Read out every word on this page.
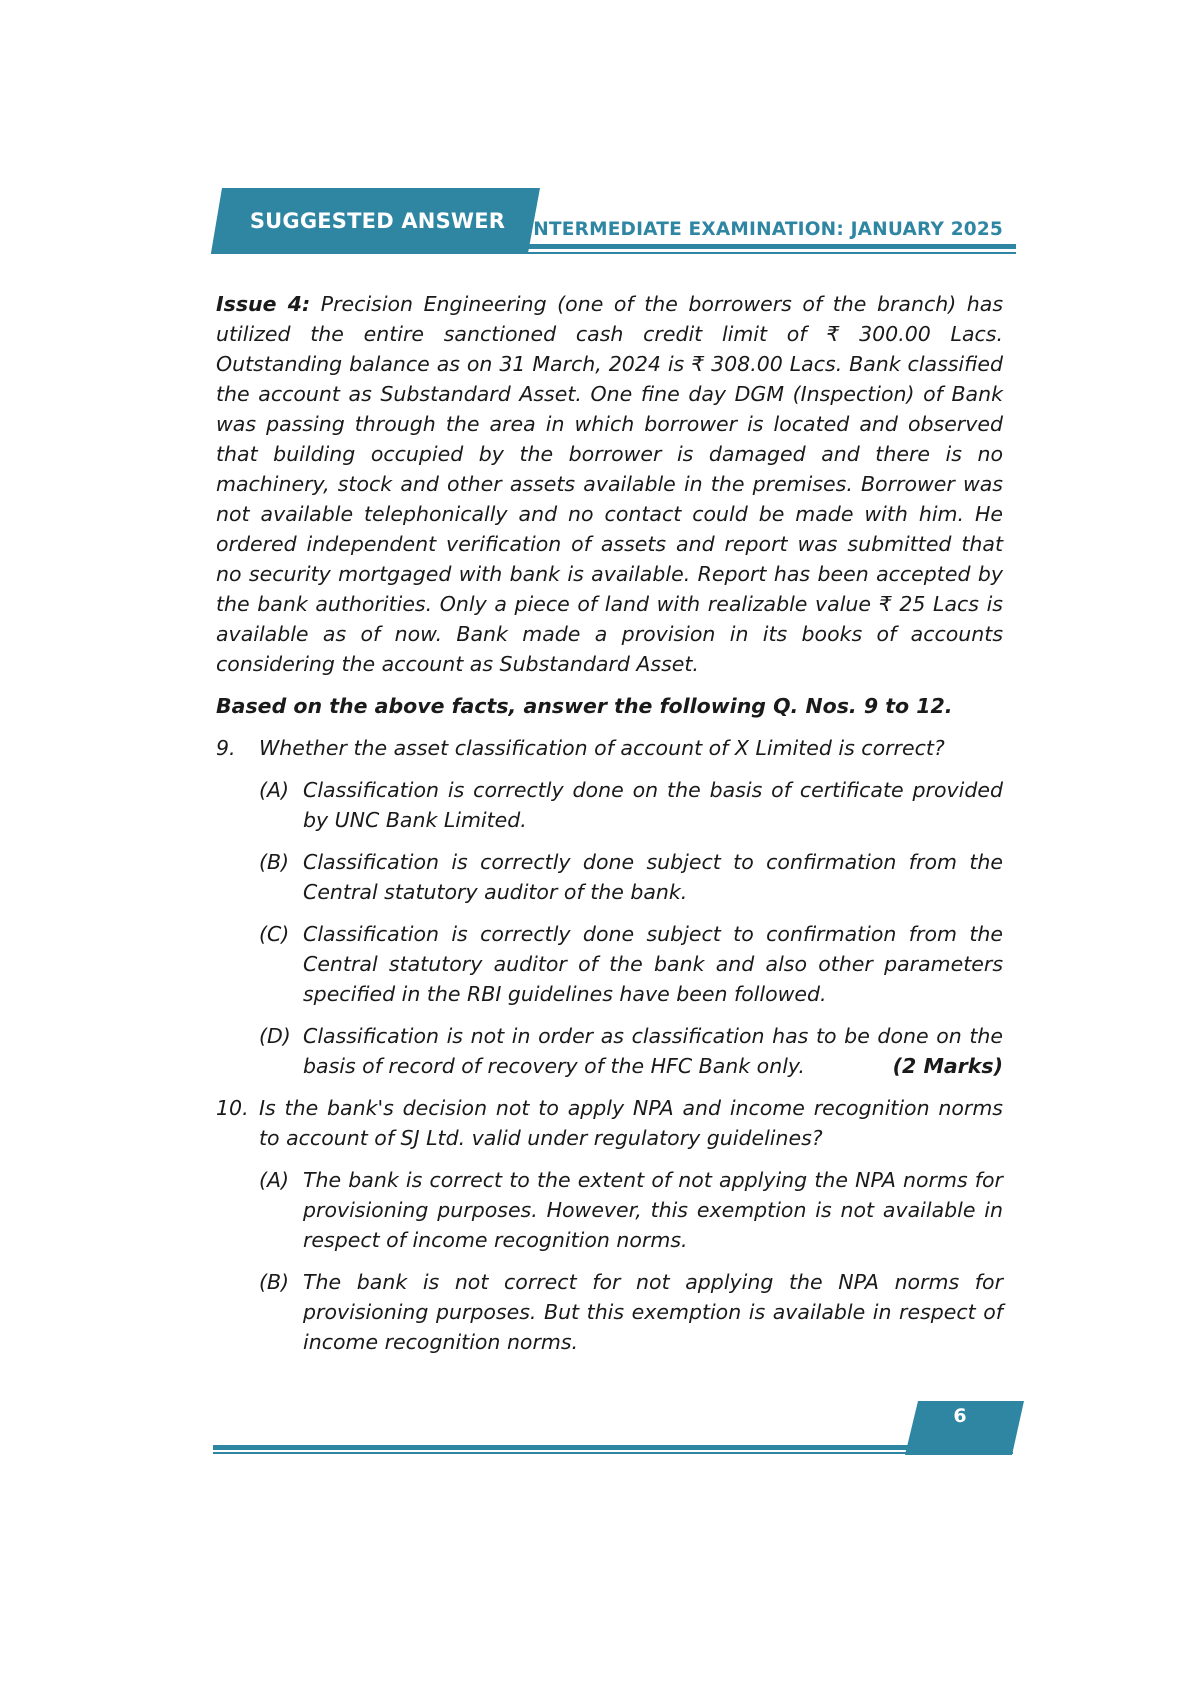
SUGGESTED ANSWER	INTERMEDIATE EXAMINATION: JANUARY 2025

Issue 4: Precision Engineering (one of the borrowers of the branch) has utilized the entire sanctioned cash credit limit of ₹ 300.00 Lacs. Outstanding balance as on 31 March, 2024 is ₹ 308.00 Lacs. Bank classified the account as Substandard Asset. One fine day DGM (Inspection) of Bank was passing through the area in which borrower is located and observed that building occupied by the borrower is damaged and there is no machinery, stock and other assets available in the premises. Borrower was not available telephonically and no contact could be made with him. He ordered independent verification of assets and report was submitted that no security mortgaged with bank is available. Report has been accepted by the bank authorities. Only a piece of land with realizable value ₹ 25 Lacs is available as of now. Bank made a provision in its books of accounts considering the account as Substandard Asset.

Based on the above facts, answer the following Q. Nos. 9 to 12.
9. Whether the asset classification of account of X Limited is correct?
(A) Classification is correctly done on the basis of certificate provided by UNC Bank Limited.
(B) Classification is correctly done subject to confirmation from the Central statutory auditor of the bank.
(C) Classification is correctly done subject to confirmation from the Central statutory auditor of the bank and also other parameters specified in the RBI guidelines have been followed.
(D) Classification is not in order as classification has to be done on the basis of record of recovery of the HFC Bank only.	(2 Marks)
10. Is the bank's decision not to apply NPA and income recognition norms to account of SJ Ltd. valid under regulatory guidelines?
(A) The bank is correct to the extent of not applying the NPA norms for provisioning purposes. However, this exemption is not available in respect of income recognition norms.
(B) The bank is not correct for not applying the NPA norms for provisioning purposes. But this exemption is available in respect of income recognition norms.
6
